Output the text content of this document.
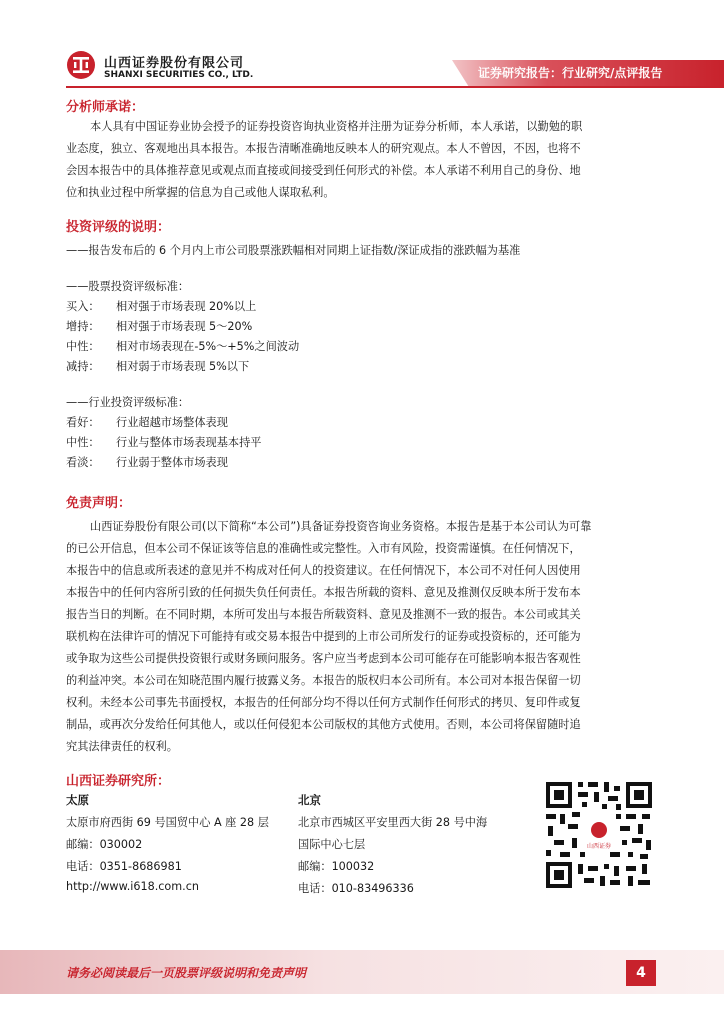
山西证券股份有限公司
SHANXI SECURITIES CO., LTD.	证券研究报告：行业研究/点评报告
分析师承诺：
本人具有中国证券业协会授予的证券投资咨询执业资格并注册为证券分析师，本人承诺，以勤勉的职
业态度，独立、客观地出具本报告。本报告清晰准确地反映本人的研究观点。本人不曾因，不因，也将不
会因本报告中的具体推荐意见或观点而直接或间接受到任何形式的补偿。本人承诺不利用自己的身份、地
位和执业过程中所掌握的信息为自己或他人谋取私利。
投资评级的说明：
——报告发布后的 6 个月内上市公司股票涨跌幅相对同期上证指数/深证成指的涨跌幅为基准
——股票投资评级标准：
买入： 相对强于市场表现 20%以上
增持： 相对强于市场表现 5～20%
中性： 相对市场表现在-5%～+5%之间波动
减持： 相对弱于市场表现 5%以下
——行业投资评级标准：
看好： 行业超越市场整体表现
中性： 行业与整体市场表现基本持平
看淡： 行业弱于整体市场表现
免责声明：
山西证券股份有限公司(以下简称“本公司”)具备证券投资咨询业务资格。本报告是基于本公司认为可靠
的已公开信息，但本公司不保证该等信息的准确性或完整性。入市有风险，投资需谨慎。在任何情况下，
本报告中的信息或所表述的意见并不构成对任何人的投资建议。在任何情况下，本公司不对任何人因使用
本报告中的任何内容所引致的任何损失负任何责任。本报告所载的资料、意见及推测仅反映本所于发布本
报告当日的判断。在不同时期，本所可发出与本报告所载资料、意见及推测不一致的报告。本公司或其关
联机构在法律许可的情况下可能持有或交易本报告中提到的上市公司所发行的证券或投资标的，还可能为
或争取为这些公司提供投资银行或财务顾问服务。客户应当考虑到本公司可能存在可能影响本报告客观性
的利益冲突。本公司在知晓范围内履行披露义务。本报告的版权归本公司所有。本公司对本报告保留一切
权利。未经本公司事先书面授权，本报告的任何部分均不得以任何方式制作任何形式的拷贝、复印件或复
制品，或再次分发给任何其他人，或以任何侵犯本公司版权的其他方式使用。否则，本公司将保留随时追
究其法律责任的权利。
山西证券研究所：
太原
太原市府西街 69 号国贸中心 A 座 28 层
邮编：030002
电话：0351-8686981
http://www.i618.com.cn
北京
北京市西城区平安里西大街 28 号中海
国际中心七层
邮编：100032
电话：010-83496336
山西证券
请务必阅读最后一页股票评级说明和免责声明	4
